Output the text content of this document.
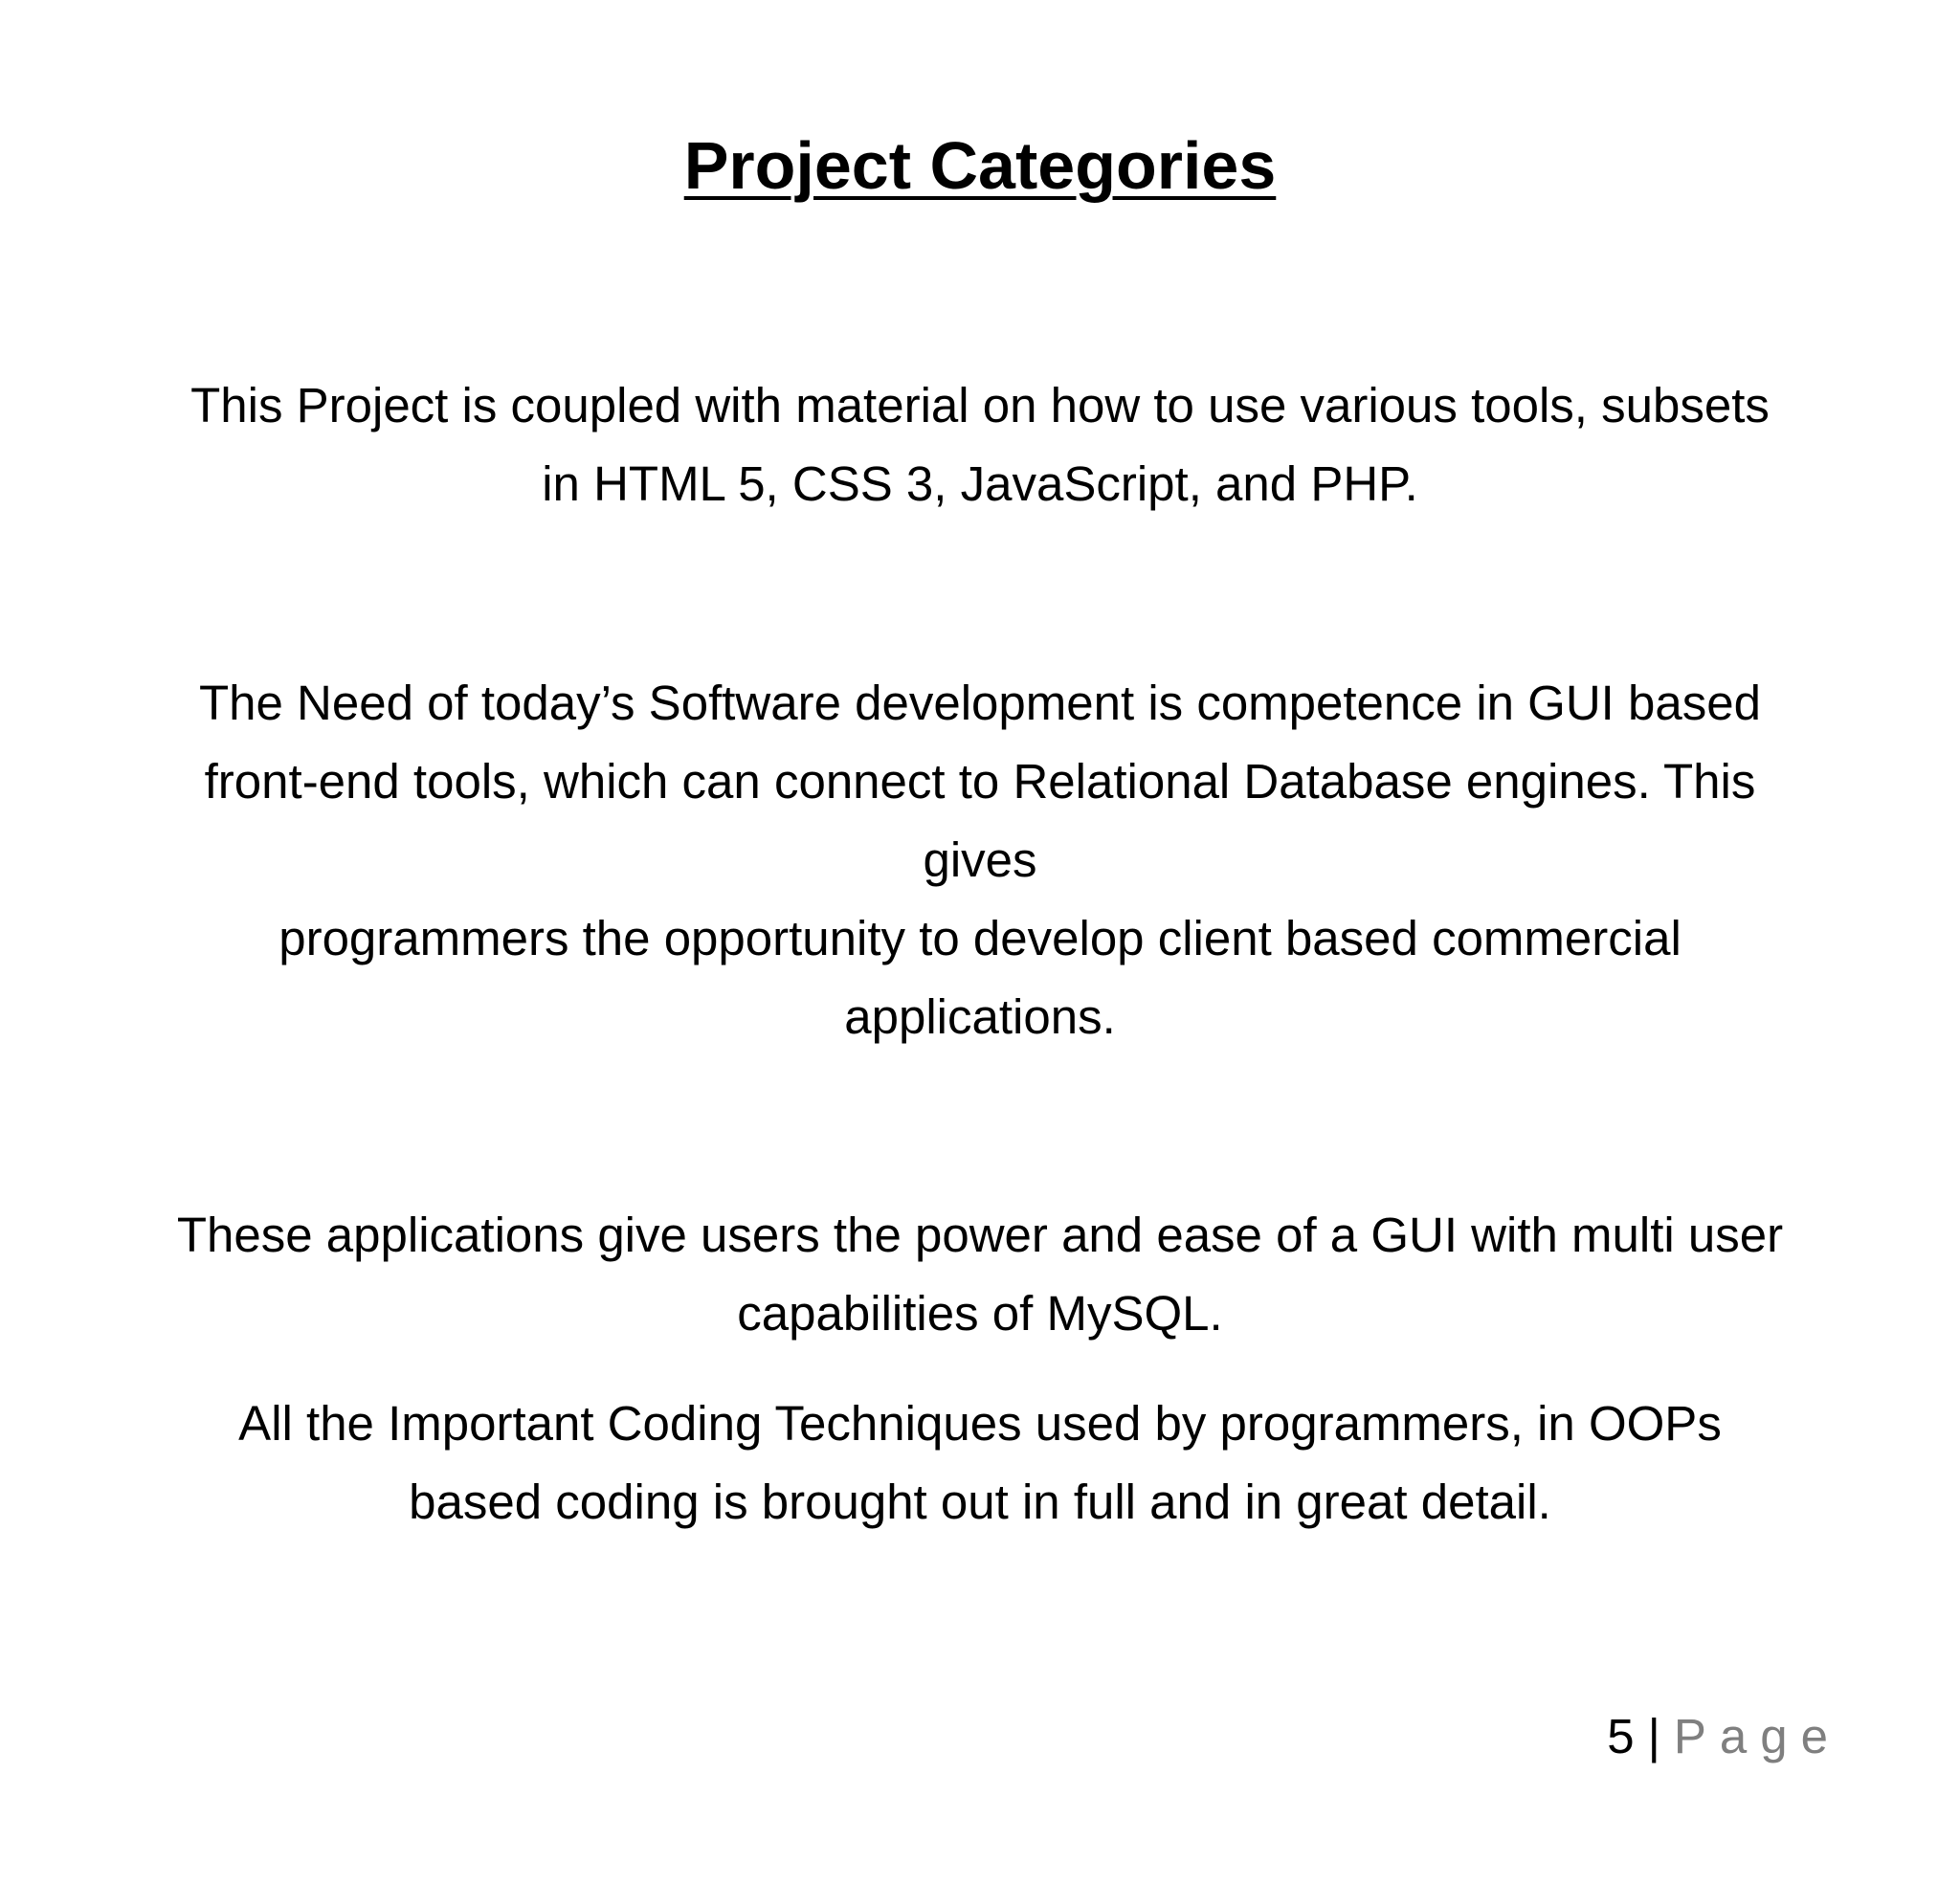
Project Categories

This Project is coupled with material on how to use various tools, subsets
in HTML 5, CSS 3, JavaScript, and PHP.

The Need of today’s Software development is competence in GUI based
front-end tools, which can connect to Relational Database engines. This
gives
programmers the opportunity to develop client based commercial
applications.

These applications give users the power and ease of a GUI with multi user
capabilities of MySQL.

All the Important Coding Techniques used by programmers, in OOPs
based coding is brought out in full and in great detail.

5 | Page
